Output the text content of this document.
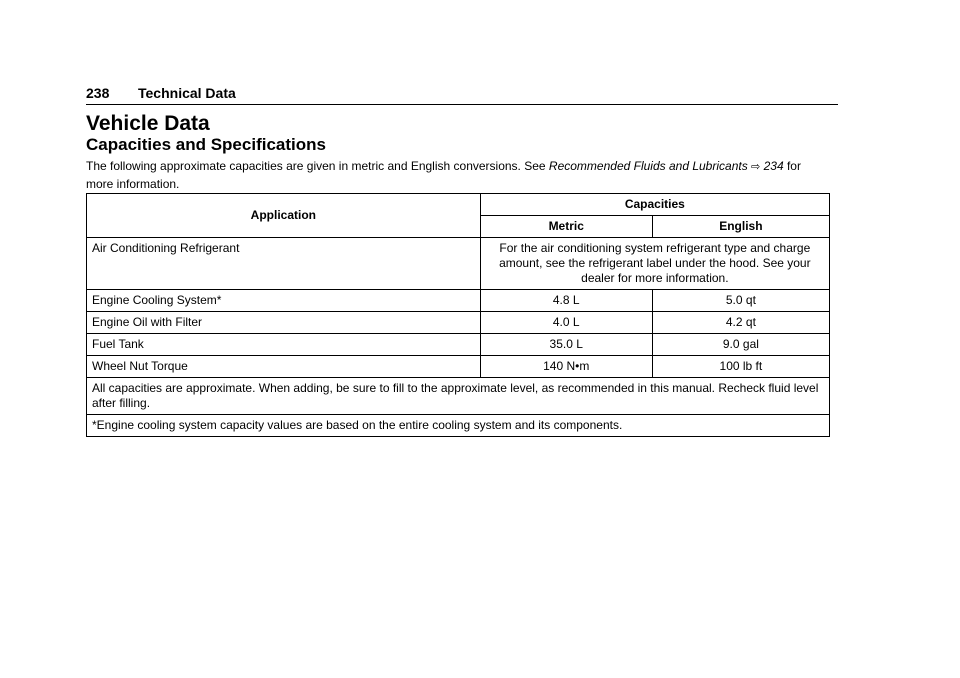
238 Technical Data
Vehicle Data
Capacities and Specifications

The following approximate capacities are given in metric and English conversions. See Recommended Fluids and Lubricants ⇨ 234 for more information.

Application	Capacities	
	Metric	English
Air Conditioning Refrigerant	For the air conditioning system refrigerant type and charge amount, see the refrigerant label under the hood. See your dealer for more information.	
Engine Cooling System*	4.8 L	5.0 qt
Engine Oil with Filter	4.0 L	4.2 qt
Fuel Tank	35.0 L	9.0 gal
Wheel Nut Torque	140 N•m	100 lb ft
All capacities are approximate. When adding, be sure to fill to the approximate level, as recommended in this manual. Recheck fluid level after filling.		
*Engine cooling system capacity values are based on the entire cooling system and its components.		
